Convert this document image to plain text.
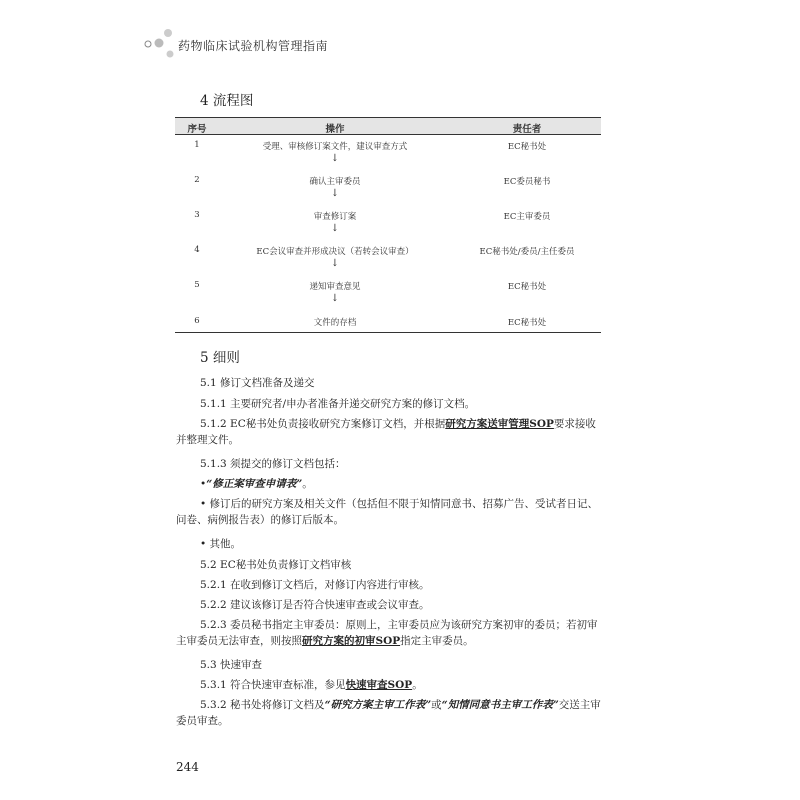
药物临床试验机构管理指南
4 流程图
序号	操作	责任者
1	受理、审核修订案文件，建议审查方式	EC秘书处
↓
2	确认主审委员	EC委员秘书
↓
3	审查修订案	EC主审委员
↓
4	EC会议审查并形成决议（若转会议审查）	EC秘书处/委员/主任委员
↓
5	递知审查意见	EC秘书处
↓
6	文件的存档	EC秘书处
5 细则
5.1 修订文档准备及递交
5.1.1 主要研究者/申办者准备并递交研究方案的修订文档。
5.1.2 EC秘书处负责接收研究方案修订文档，并根据研究方案送审管理SOP要求接收并整理文件。
5.1.3 须提交的修订文档包括：
•“修正案审查申请表”。
• 修订后的研究方案及相关文件（包括但不限于知情同意书、招募广告、受试者日记、问卷、病例报告表）的修订后版本。
• 其他。
5.2 EC秘书处负责修订文档审核
5.2.1 在收到修订文档后，对修订内容进行审核。
5.2.2 建议该修订是否符合快速审查或会议审查。
5.2.3 委员秘书指定主审委员：原则上，主审委员应为该研究方案初审的委员；若初审主审委员无法审查，则按照研究方案的初审SOP指定主审委员。
5.3 快速审查
5.3.1 符合快速审查标准，参见快速审查SOP。
5.3.2 秘书处将修订文档及“研究方案主审工作表”或“知情同意书主审工作表”交送主审委员审查。
244
